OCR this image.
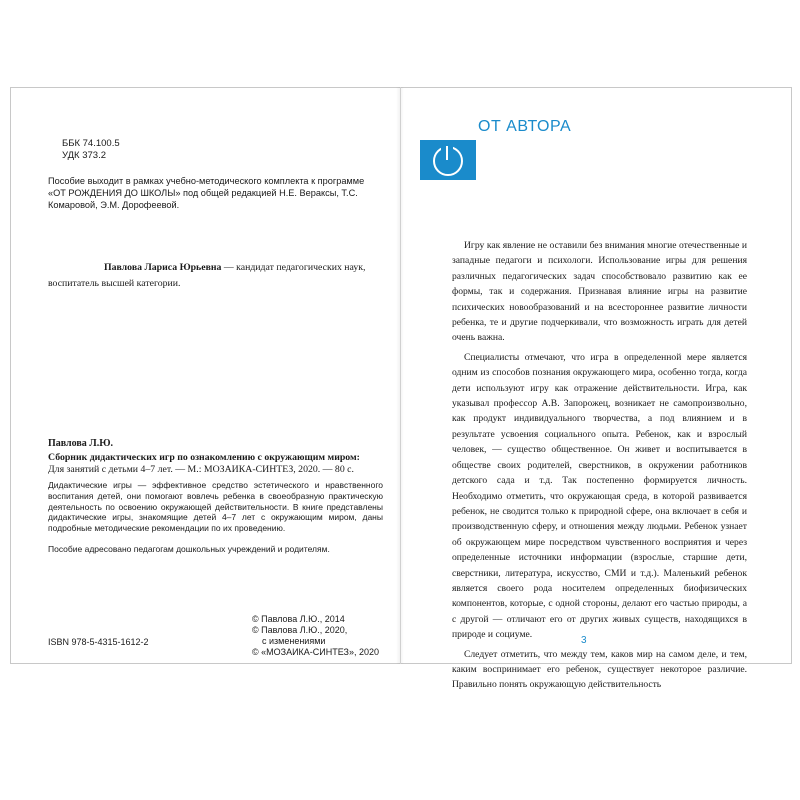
ББК 74.100.5
УДК 373.2
Пособие выходит в рамках учебно-методического комплекта к программе «ОТ РОЖДЕНИЯ ДО ШКОЛЫ» под общей редакцией Н.Е. Вераксы, Т.С. Комаровой, Э.М. Дорофеевой.
Павлова Лариса Юрьевна — кандидат педагогических наук, воспитатель высшей категории.
Павлова Л.Ю.
Сборник дидактических игр по ознакомлению с окружающим миром:
Для занятий с детьми 4–7 лет. — М.: МОЗАИКА-СИНТЕЗ, 2020. — 80 с.
Дидактические игры — эффективное средство эстетического и нравственного воспитания детей, они помогают вовлечь ребенка в своеобразную практическую деятельность по освоению окружающей действительности. В книге представлены дидактические игры, знакомящие детей 4–7 лет с окружающим миром, даны подробные методические рекомендации по их проведению.
Пособие адресовано педагогам дошкольных учреждений и родителям.
© Павлова Л.Ю., 2014
© Павлова Л.Ю., 2020,
с изменениями
© «МОЗАИКА-СИНТЕЗ», 2020
ISBN 978-5-4315-1612-2
ОТ АВТОРА

Игру как явление не оставили без внимания многие отечественные и западные педагоги и психологи. Использование игры для решения различных педагогических задач способствовало развитию как ее формы, так и содержания. Признавая влияние игры на развитие психических новообразований и на всестороннее развитие личности ребенка, те и другие подчеркивали, что возможность играть для детей очень важна.

Специалисты отмечают, что игра в определенной мере является одним из способов познания окружающего мира, особенно тогда, когда дети используют игру как отражение действительности. Игра, как указывал профессор А.В. Запорожец, возникает не самопроизвольно, как продукт индивидуального творчества, а под влиянием и в результате усвоения социального опыта. Ребенок, как и взрослый человек, — существо общественное. Он живет и воспитывается в обществе своих родителей, сверстников, в окружении работников детского сада и т.д. Так постепенно формируется личность. Необходимо отметить, что окружающая среда, в которой развивается ребенок, не сводится только к природной сфере, она включает в себя и производственную сферу, и отношения между людьми. Ребенок узнает об окружающем мире посредством чувственного восприятия и через определенные источники информации (взрослые, старшие дети, сверстники, литература, искусство, СМИ и т.д.). Маленький ребенок является своего рода носителем определенных биофизических компонентов, которые, с одной стороны, делают его частью природы, а с другой — отличают его от других живых существ, находящихся в природе и социуме.

Следует отметить, что между тем, каков мир на самом деле, и тем, каким воспринимает его ребенок, существует некоторое различие. Правильно понять окружающую действительность

3
